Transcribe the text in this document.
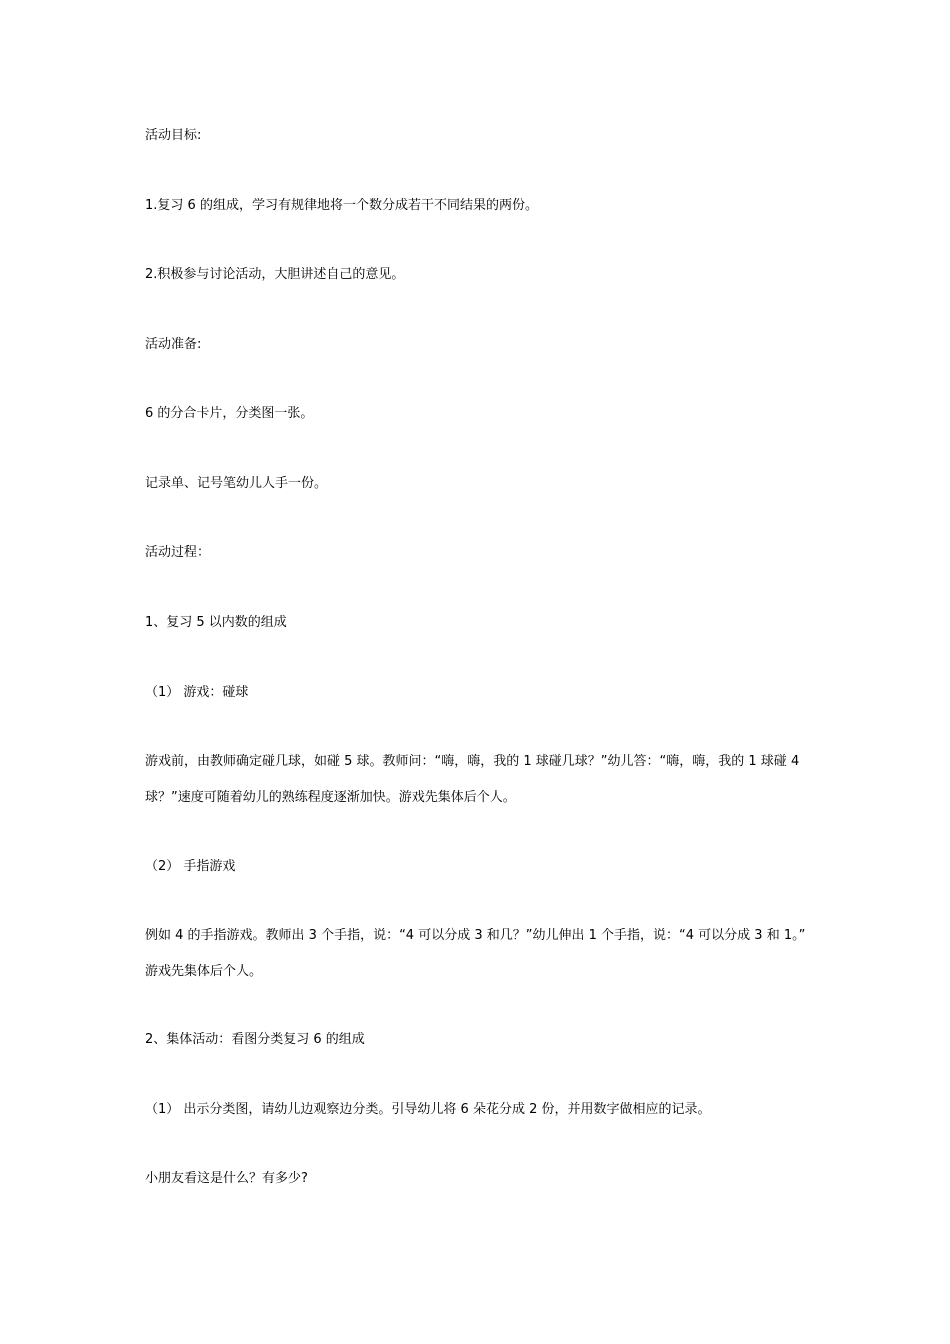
活动目标:

1.复习 6 的组成，学习有规律地将一个数分成若干不同结果的两份。

2.积极参与讨论活动，大胆讲述自己的意见。

活动准备:

6 的分合卡片，分类图一张。

记录单、记号笔幼儿人手一份。

活动过程：

1、复习 5 以内数的组成

（1） 游戏：碰球

游戏前，由教师确定碰几球，如碰 5 球。教师问：“嗨，嗨，我的 1 球碰几球？”幼儿答：“嗨，嗨，我的 1 球碰 4 球？”速度可随着幼儿的熟练程度逐渐加快。游戏先集体后个人。

（2） 手指游戏

例如 4 的手指游戏。教师出 3 个手指，说：“4 可以分成 3 和几？”幼儿伸出 1 个手指，说：“4 可以分成 3 和 1。” 游戏先集体后个人。

2、集体活动：看图分类复习 6 的组成

（1） 出示分类图，请幼儿边观察边分类。引导幼儿将 6 朵花分成 2 份，并用数字做相应的记录。

小朋友看这是什么？有多少?
